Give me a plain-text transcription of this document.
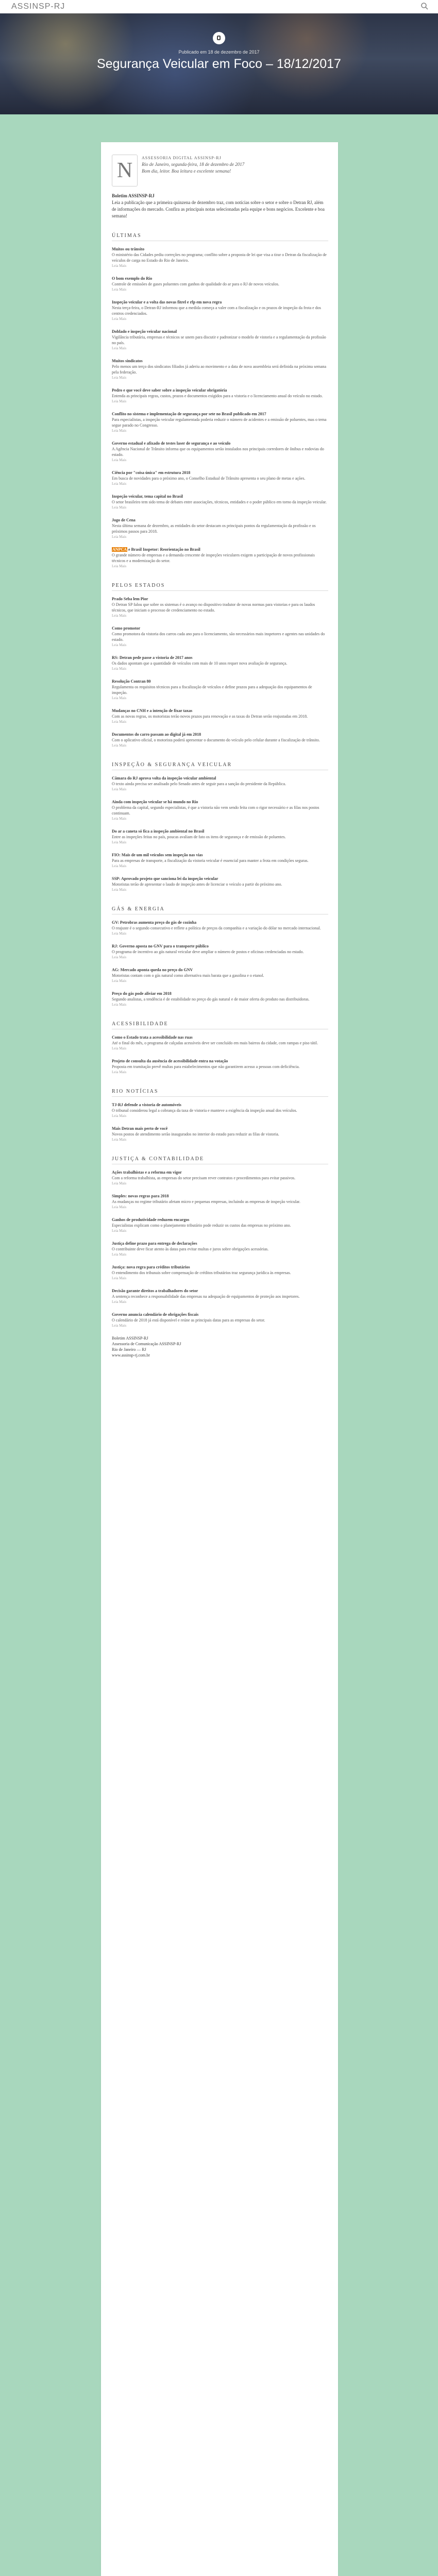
ASSINSP-RJ
Publicado em 18 de dezembro de 2017
Segurança Veicular em Foco – 18/12/2017
N
ASSESSORIA DIGITAL ASSINSP-RJ
Rio de Janeiro, segunda-feira, 18 de dezembro de 2017
Bom dia, leitor. Boa leitura e excelente semana!
Boletim ASSINSP-RJ

Leia a publicação que a primeira quinzena de dezembro traz, com notícias sobre o setor e sobre o Detran RJ, além de informações do mercado. Confira as principais notas selecionadas pela equipe e bons negócios. Excelente e boa semana!

ÚLTIMAS
Muitos ou trânsito
O ministério das Cidades pediu correções no programa; conflito sobre a proposta de lei que visa a tirar o Detran da fiscalização de veículos de carga no Estado do Rio de Janeiro.
Leia Mais
O bom exemplo do Rio
Controle de emissões de gases poluentes com ganhos de qualidade do ar para o RJ de novos veículos.
Leia Mais
Inspeção veicular e a volta das novas fitrel e rfp em nova regra
Nesta terça-feira, o Detran-RJ informou que a medida começa a valer com a fiscalização e os prazos de inspeção da frota e dos centros credenciados.
Leia Mais
Doblado e inspeção veicular nacional
Vigilância tributária, empresas e técnicos se unem para discutir e padronizar o modelo de vistoria e a regulamentação da profissão no país.
Leia Mais
Muitos sindicatos
Pelo menos um terço dos sindicatos filiados já aderiu ao movimento e a data de nova assembleia será definida na próxima semana pela federação.
Leia Mais
Pedro e que você deve saber sobre a inspeção veicular obrigatória
Entenda as principais regras, custos, prazos e documentos exigidos para a vistoria e o licenciamento anual do veículo no estado.
Leia Mais
Conflito no sistema e implementação de segurança por sete no Brasil publicado em 2017
Para especialistas, a inspeção veicular regulamentada poderia reduzir o número de acidentes e a emissão de poluentes, mas o tema segue parado no Congresso.
Leia Mais
Governo estadual e afixado de testes laser de segurança e ao veículo
A Agência Nacional de Trânsito informa que os equipamentos serão instalados nos principais corredores de ônibus e rodovias do estado.
Leia Mais
Ciência por "coisa única" em estrutura 2018
Em busca de novidades para o próximo ano, o Conselho Estadual de Trânsito apresenta o seu plano de metas e ações.
Leia Mais
Inspeção veicular, tema capital no Brasil
O setor brasileiro tem sido tema de debates entre associações, técnicos, entidades e o poder público em torno da inspeção veicular.
Leia Mais
Jogo de Cena
Nesta última semana de dezembro, as entidades do setor destacam os principais pontos da regulamentação da profissão e os próximos passos para 2018.
Leia Mais
ANPCA e Brasil Inspetor: Reorientação no Brasil
O grande número de empresas e a demanda crescente de inspeções veiculares exigem a participação de novos profissionais técnicos e a modernização do setor.
Leia Mais
PELOS ESTADOS
Prado Seba lem Pior
O Detran SP falou que sobre os sistemas é o avanço no dispositivo tradutor de novas normas para vistorias e para os laudos técnicos, que iniciam o processo de credenciamento no estado.
Leia Mais
Como promotor
Como promotora da vistoria dos carros cada ano para o licenciamento, são necessários mais inspetores e agentes nas unidades do estado.
Leia Mais
RS: Detran pede passe a vistoria de 2017 anos
Os dados apontam que a quantidade de veículos com mais de 10 anos requer nova avaliação de segurança.
Leia Mais
Resolução Contran 80
Regulamenta os requisitos técnicos para a fiscalização de veículos e define prazos para a adequação dos equipamentos de inspeção.
Leia Mais
Mudanças no CNH e a intenção de fixar taxas
Com as novas regras, os motoristas terão novos prazos para renovação e as taxas do Detran serão reajustadas em 2018.
Leia Mais
Documentos do carro passam ao digital já em 2018
Com o aplicativo oficial, o motorista poderá apresentar o documento do veículo pelo celular durante a fiscalização de trânsito.
Leia Mais
INSPEÇÃO & SEGURANÇA VEICULAR
Câmara do RJ aprova volta da inspeção veicular ambiental
O texto ainda precisa ser analisado pelo Senado antes de seguir para a sanção do presidente da República.
Leia Mais
Ainda com inspeção veicular se há mundo no Rio
O problema da capital, segundo especialistas, é que a vistoria não vem sendo feita com o rigor necessário e as filas nos postos continuam.
Leia Mais
Do ar a caneta só fica a inspeção ambiental no Brasil
Entre as inspeções feitas no país, poucas avaliam de fato os itens de segurança e de emissão de poluentes.
Leia Mais
FIO: Mais de um mil veículos sem inspeção nas vias
Para as empresas de transporte, a fiscalização da vistoria veicular é essencial para manter a frota em condições seguras.
Leia Mais
SSP: Aprovado projeto que sanciona lei da inspeção veicular
Motoristas terão de apresentar o laudo de inspeção antes de licenciar o veículo a partir do próximo ano.
Leia Mais
GÁS & ENERGIA
GV: Petrobras aumenta preço do gás de cozinha
O reajuste é o segundo consecutivo e reflete a política de preços da companhia e a variação do dólar no mercado internacional.
Leia Mais
RJ: Governo aposta no GNV para o transporte público
O programa de incentivo ao gás natural veicular deve ampliar o número de postos e oficinas credenciadas no estado.
Leia Mais
AG: Mercado aponta queda no preço do GNV
Motoristas contam com o gás natural como alternativa mais barata que a gasolina e o etanol.
Leia Mais
Preço do gás pode aliviar em 2018
Segundo analistas, a tendência é de estabilidade no preço do gás natural e de maior oferta do produto nas distribuidoras.
Leia Mais
ACESSIBILIDADE
Como o Estado trata a acessibilidade nas ruas
Até o final do mês, o programa de calçadas acessíveis deve ser concluído em mais bairros da cidade, com rampas e piso tátil.
Leia Mais
Projeto de consulta da ausência de acessibilidade entra na votação
Proposta em tramitação prevê multas para estabelecimentos que não garantirem acesso a pessoas com deficiência.
Leia Mais
RIO NOTÍCIAS
TJ-RJ defende a vistoria de automóveis
O tribunal considerou legal a cobrança da taxa de vistoria e manteve a exigência da inspeção anual dos veículos.
Leia Mais
Mais Detran mais perto de você
Novos postos de atendimento serão inaugurados no interior do estado para reduzir as filas de vistoria.
Leia Mais
JUSTIÇA & CONTABILIDADE
Ações trabalhistas e a reforma em vigor
Com a reforma trabalhista, as empresas do setor precisam rever contratos e procedimentos para evitar passivos.
Leia Mais
Simples: novas regras para 2018
As mudanças no regime tributário afetam micro e pequenas empresas, incluindo as empresas de inspeção veicular.
Leia Mais
Ganhos de produtividade reduzem encargos
Especialistas explicam como o planejamento tributário pode reduzir os custos das empresas no próximo ano.
Leia Mais
Justiça define prazo para entrega de declarações
O contribuinte deve ficar atento às datas para evitar multas e juros sobre obrigações acessórias.
Leia Mais
Justiça: nova regra para créditos tributários
O entendimento dos tribunais sobre compensação de créditos tributários traz segurança jurídica às empresas.
Leia Mais
Decisão garante direitos a trabalhadores do setor
A sentença reconhece a responsabilidade das empresas na adequação de equipamentos de proteção aos inspetores.
Leia Mais
Governo anuncia calendário de obrigações fiscais
O calendário de 2018 já está disponível e reúne as principais datas para as empresas do setor.
Leia Mais

Boletim ASSINSP-RJ

Assessoria de Comunicação ASSINSP-RJ

Rio de Janeiro — RJ

www.assinsp-rj.com.br
